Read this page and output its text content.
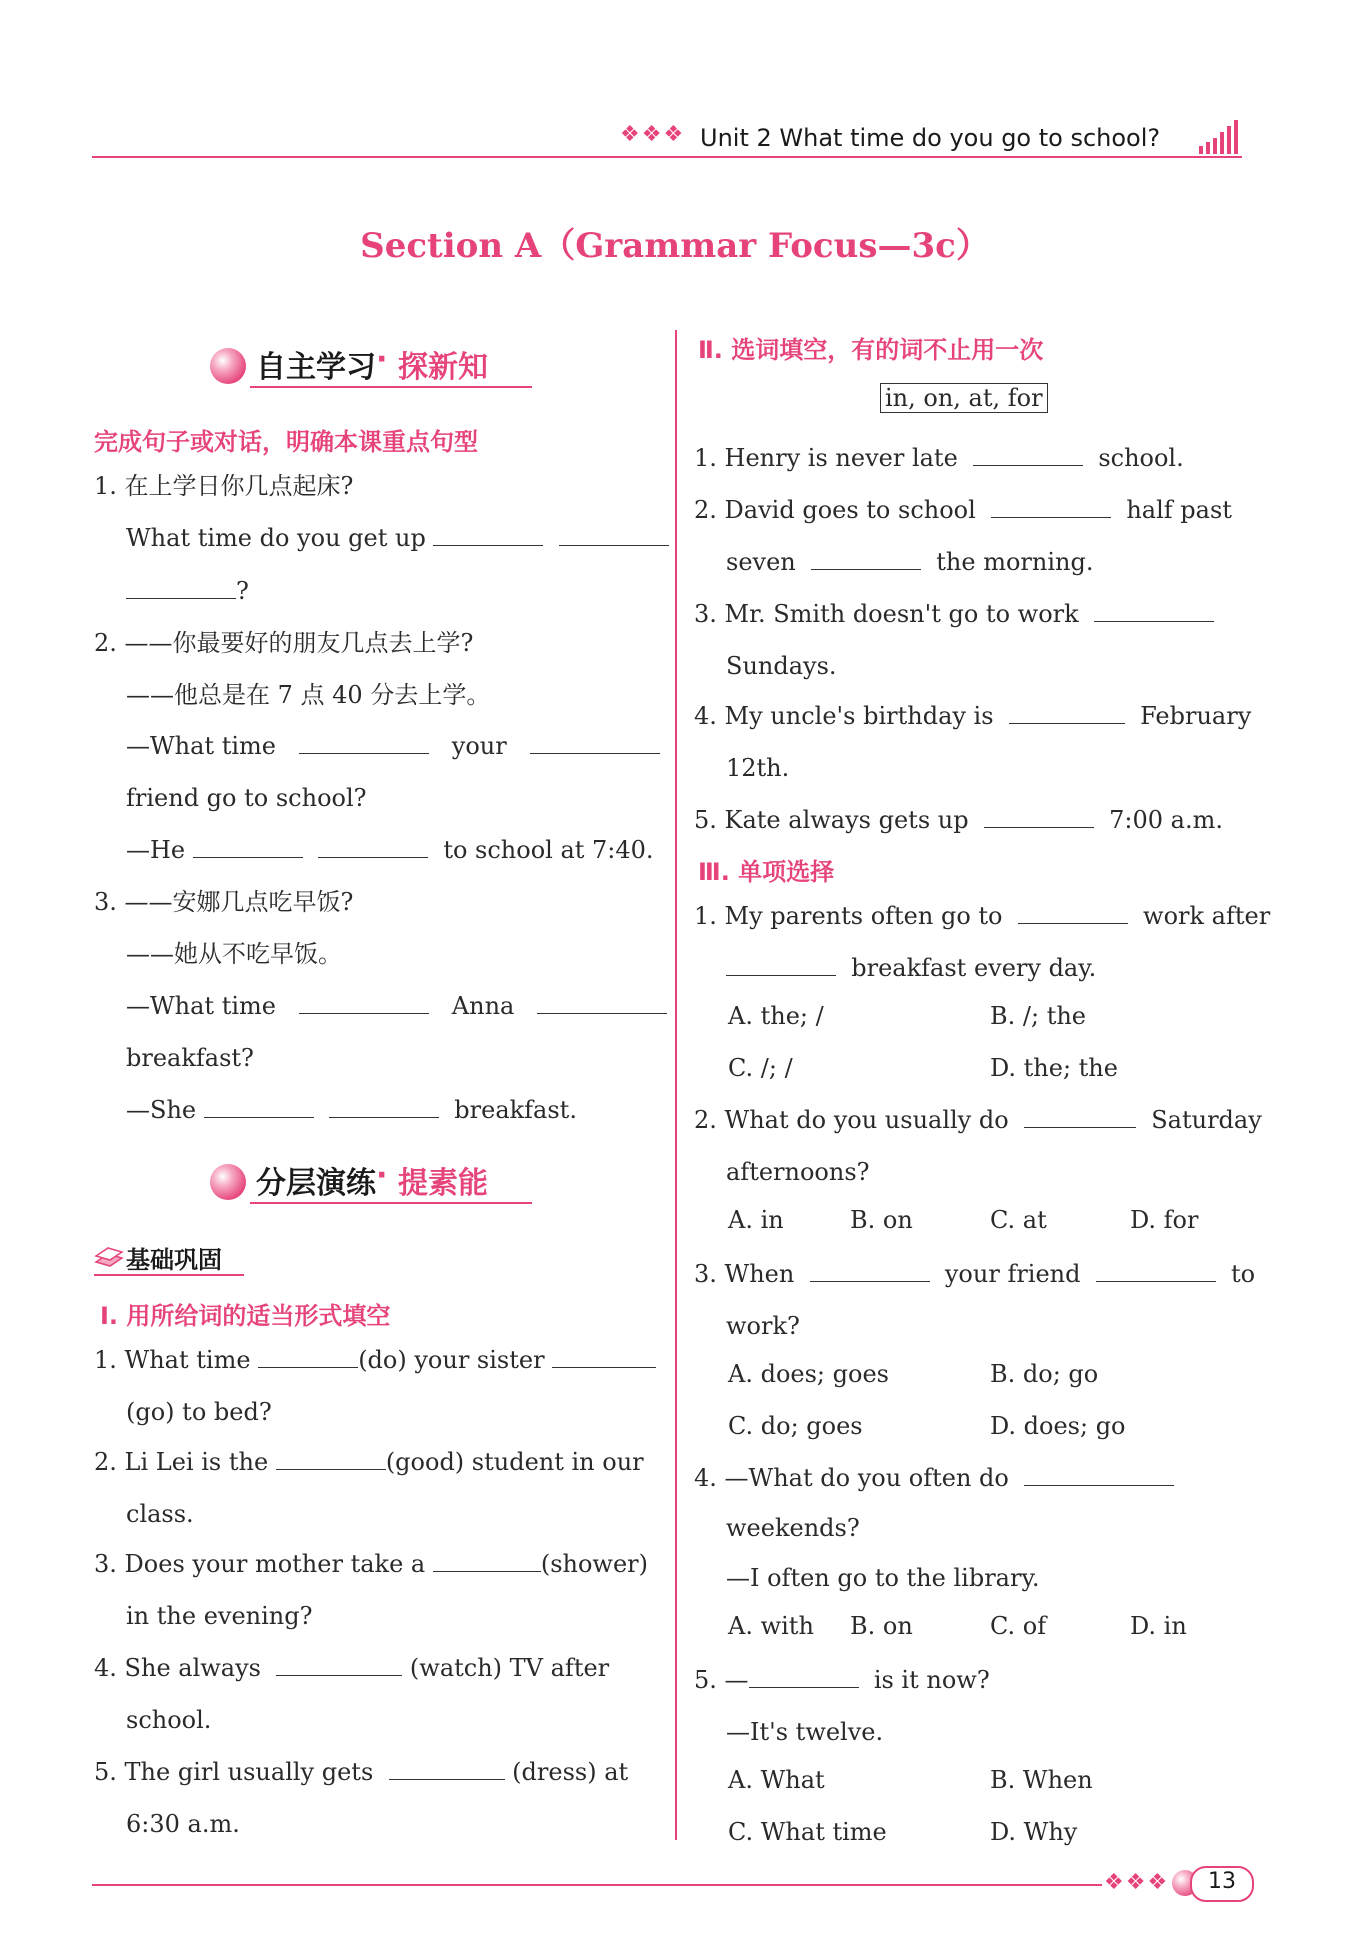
❖❖❖ Unit 2 What time do you go to school?
Section A（Grammar Focus—3c）
自主学习 · 探新知
完成句子或对话，明确本课重点句型
1. 在上学日你几点起床?
What time do you get up
?
2. ——你最要好的朋友几点去上学?
——他总是在 7 点 40 分去上学。
—What time	your
friend go to school?
—He	to school at 7:40.
3. ——安娜几点吃早饭?
——她从不吃早饭。
—What time	Anna
breakfast?
—She	breakfast.
分层演练 · 提素能
基础巩固
Ⅰ. 用所给词的适当形式填空
1. What time	(do) your sister
(go) to bed?
2. Li Lei is the	(good) student in our
class.
3. Does your mother take a	(shower)
in the evening?
4. She always	(watch) TV after
school.
5. The girl usually gets	(dress) at
6:30 a.m.
Ⅱ. 选词填空，有的词不止用一次
in, on, at, for
1. Henry is never late	school.
2. David goes to school	half past
seven	the morning.
3. Mr. Smith doesn't go to work
Sundays.
4. My uncle's birthday is	February
12th.
5. Kate always gets up	7:00 a.m.
Ⅲ. 单项选择
1. My parents often go to	work after
breakfast every day.
A. the; /	B. /; the
C. /; /	D. the; the
2. What do you usually do	Saturday
afternoons?
A. in	B. on	C. at	D. for
3. When	your friend	to
work?
A. does; goes	B. do; go
C. do; goes	D. does; go
4. —What do you often do
weekends?
—I often go to the library.
A. with B. on	C. of	D. in
5. —	is it now?
—It's twelve.
A. What	B. When
C. What time	D. Why
❖❖❖	13
